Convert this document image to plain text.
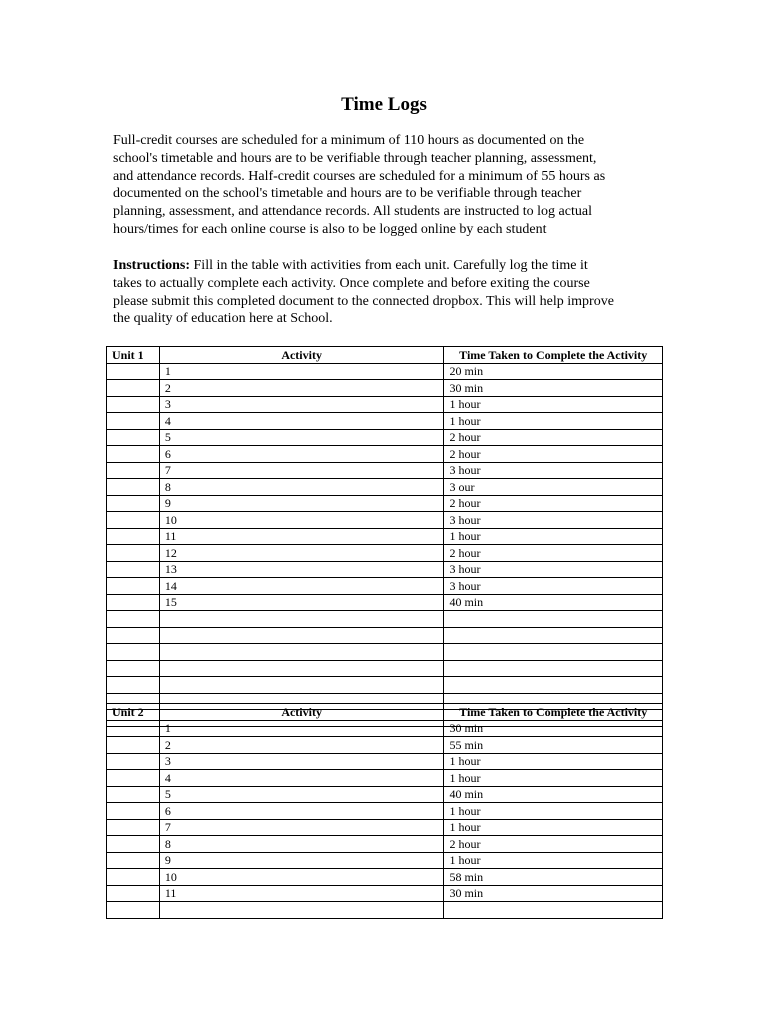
Time Logs

Full-credit courses are scheduled for a minimum of 110 hours as documented on the
school's timetable and hours are to be verifiable through teacher planning, assessment,
and attendance records. Half-credit courses are scheduled for a minimum of 55 hours as
documented on the school's timetable and hours are to be verifiable through teacher
planning, assessment, and attendance records. All students are instructed to log actual
hours/times for each online course is also to be logged online by each student

Instructions: Fill in the table with activities from each unit. Carefully log the time it
takes to actually complete each activity. Once complete and before exiting the course
please submit this completed document to the connected dropbox. This will help improve
the quality of education here at School.

Unit 1	Activity	Time Taken to Complete the Activity
	1	20 min
	2	30 min
	3	1 hour
	4	1 hour
	5	2 hour
	6	2 hour
	7	3 hour
	8	3 our
	9	2 hour
	10	3 hour
	11	1 hour
	12	2 hour
	13	3 hour
	14	3 hour
	15	40 min

Unit 2	Activity	Time Taken to Complete the Activity
	1	30 min
	2	55 min
	3	1 hour
	4	1 hour
	5	40 min
	6	1 hour
	7	1 hour
	8	2 hour
	9	1 hour
	10	58 min
	11	30 min
